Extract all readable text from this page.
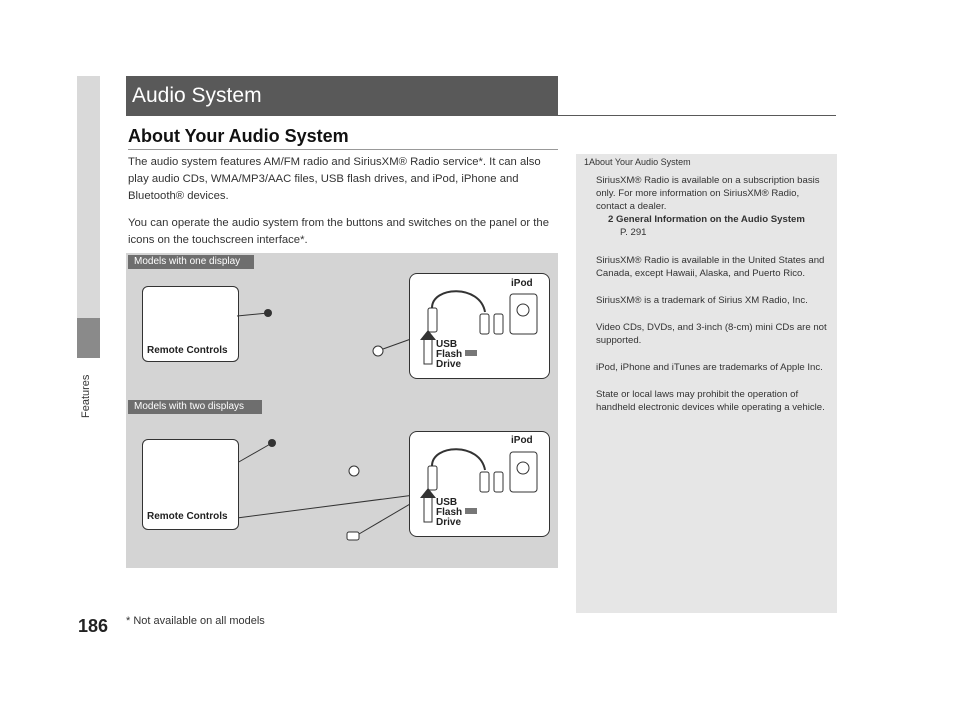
Features
186
Audio System
About Your Audio System
The audio system features AM/FM radio and SiriusXM® Radio service*. It can also play audio CDs, WMA/MP3/AAC files, USB flash drives, and iPod, iPhone and Bluetooth® devices.
You can operate the audio system from the buttons and switches on the panel or the icons on the touchscreen interface*.
Models with one display
Models with two displays
Remote Controls
iPod
USB
Flash
Drive
Remote Controls
iPod
USB
Flash
Drive
1About Your Audio System
SiriusXM® Radio is available on a subscription basis only. For more information on SiriusXM® Radio, contact a dealer.
2 General Information on the Audio System
P. 291
SiriusXM® Radio is available in the United States and Canada, except Hawaii, Alaska, and Puerto Rico.
SiriusXM® is a trademark of Sirius XM Radio, Inc.
Video CDs, DVDs, and 3-inch (8-cm) mini CDs are not supported.
iPod, iPhone and iTunes are trademarks of Apple Inc.
State or local laws may prohibit the operation of handheld electronic devices while operating a vehicle.
* Not available on all models
